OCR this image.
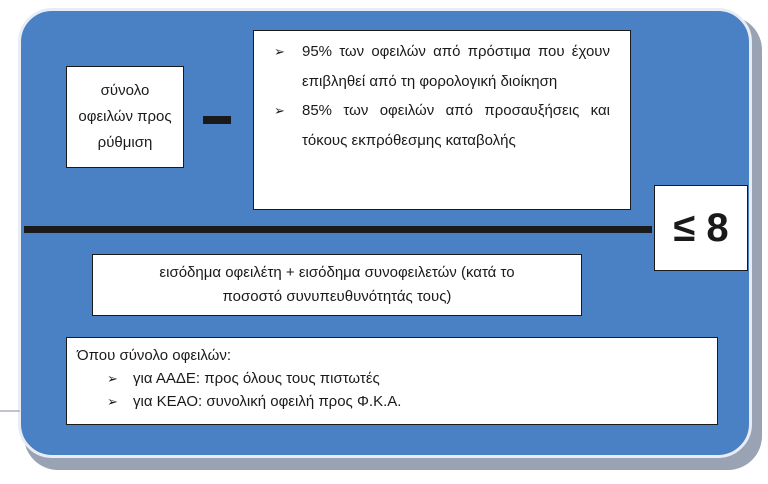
σύνολο
οφειλών προς
ρύθμιση
➢	95% των οφειλών από πρόστιμα που έχουν επιβληθεί από τη φορολογική διοίκηση
➢	85% των οφειλών από προσαυξήσεις και τόκους εκπρόθεσμης καταβολής
≤ 8
εισόδημα οφειλέτη + εισόδημα συνοφειλετών (κατά το
ποσοστό συνυπευθυνότητάς τους)
Όπου σύνολο οφειλών:
➢	για ΑΑΔΕ: προς όλους τους πιστωτές
➢	για ΚΕΑΟ: συνολική οφειλή προς Φ.Κ.Α.
